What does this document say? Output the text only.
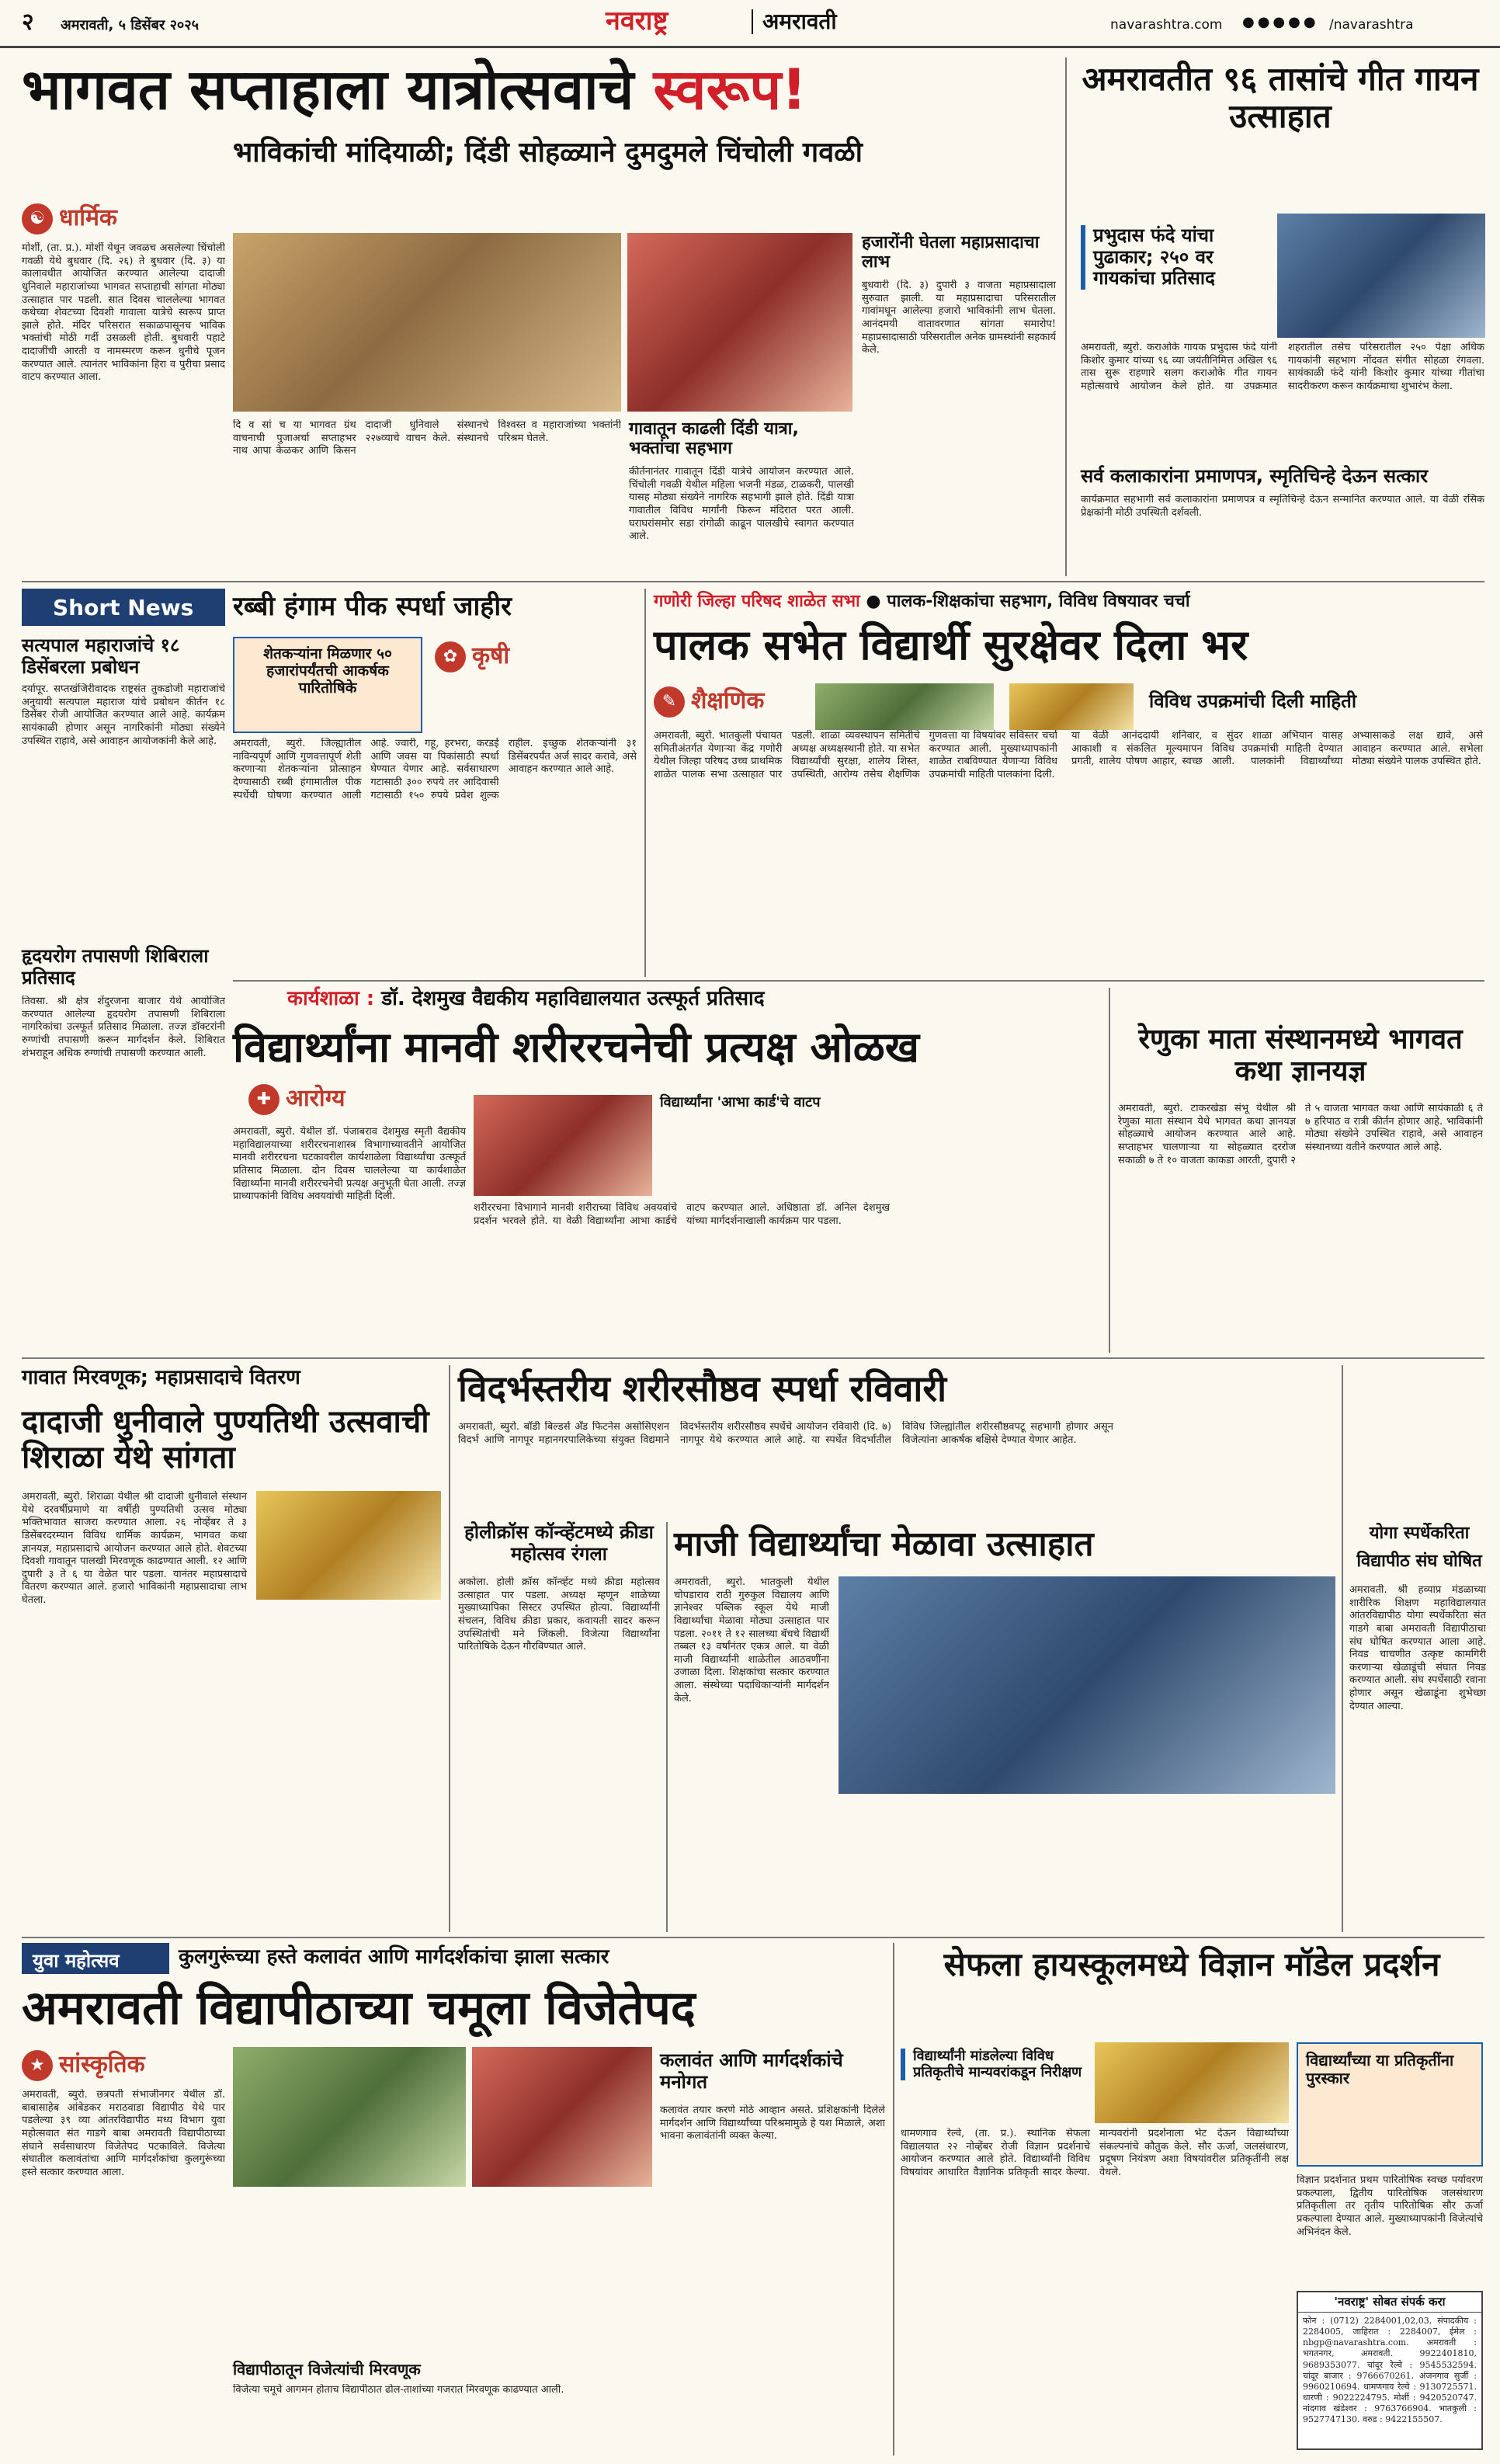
२ अमरावती, ५ डिसेंबर २०२५	नवराष्ट्र	अमरावती	navarashtra.com ●●●●● /navarashtra
भागवत सप्ताहाला यात्रोत्सवाचे स्वरूप!
भाविकांची मांदियाळी; दिंडी सोहळ्याने दुमदुमले चिंचोली गवळी
☯ धार्मिक
मोर्शी, (ता. प्र.). मोर्शी येथून जवळच असलेल्या चिंचोली गवळी येथे बुधवार (दि. २६) ते बुधवार (दि. ३) या कालावधीत आयोजित करण्यात आलेल्या दादाजी धुनिवाले महाराजांच्या भागवत सप्ताहाची सांगता मोठ्या उत्साहात पार पडली. सात दिवस चाललेल्या भागवत कथेच्या शेवटच्या दिवशी गावाला यात्रेचे स्वरूप प्राप्त झाले होते. मंदिर परिसरात सकाळपासूनच भाविक भक्तांची मोठी गर्दी उसळली होती. बुधवारी पहाटे दादाजींची आरती व नामस्मरण करून धुनीचे पूजन करण्यात आले. त्यानंतर भाविकांना हिरा व पुरीचा प्रसाद वाटप करण्यात आला.
दि व सां च या भागवत ग्रंथ वाचनाची पुजाअर्चा सप्ताहभर नाथ आपा केळकर आणि किसन दादाजी धुनिवाले संस्थानचे २२७व्याचे वाचन केले. संस्थानचे विश्वस्त व महाराजांच्या भक्तांनी परिश्रम घेतले.	गावातून काढली दिंडी यात्रा, भक्तांचा सहभाग
कीर्तनानंतर गावातून दिंडी यात्रेचे आयोजन करण्यात आले. चिंचोली गवळी येथील महिला भजनी मंडळ, टाळकरी, पालखी यासह मोठ्या संख्येने नागरिक सहभागी झाले होते. दिंडी यात्रा गावातील विविध मार्गांनी फिरून मंदिरात परत आली. घराघरांसमोर सडा रांगोळी काढून पालखीचे स्वागत करण्यात आले.
हजारोंनी घेतला महाप्रसादाचा लाभ
बुधवारी (दि. ३) दुपारी ३ वाजता महाप्रसादाला सुरुवात झाली. या महाप्रसादाचा परिसरातील गावांमधून आलेल्या हजारो भाविकांनी लाभ घेतला. आनंदमयी वातावरणात सांगता समारोप! महाप्रसादासाठी परिसरातील अनेक ग्रामस्थांनी सहकार्य केले.
अमरावतीत ९६ तासांचे गीत गायन उत्साहात
प्रभुदास फंदे यांचा पुढाकार; २५० वर गायकांचा प्रतिसाद
अमरावती, ब्युरो. कराओके गायक प्रभुदास फंदे यांनी किशोर कुमार यांच्या ९६ व्या जयंतीनिमित्त अखिल ९६ तास सुरू राहणारे सलग कराओके गीत गायन महोत्सवाचे आयोजन केले होते. या उपक्रमात शहरातील तसेच परिसरातील २५० पेक्षा अधिक गायकांनी सहभाग नोंदवत संगीत सोहळा रंगवला. सायंकाळी फंदे यांनी किशोर कुमार यांच्या गीतांचा सादरीकरण करून कार्यक्रमाचा शुभारंभ केला.
सर्व कलाकारांना प्रमाणपत्र, स्मृतिचिन्हे देऊन सत्कार
कार्यक्रमात सहभागी सर्व कलाकारांना प्रमाणपत्र व स्मृतिचिन्हे देऊन सन्मानित करण्यात आले. या वेळी रसिक प्रेक्षकांनी मोठी उपस्थिती दर्शवली.
Short News
सत्यपाल महाराजांचे १८ डिसेंबरला प्रबोधन
दर्यापूर. सप्तखंजिरीवादक राष्ट्रसंत तुकडोजी महाराजांचे अनुयायी सत्यपाल महाराज यांचे प्रबोधन कीर्तन १८ डिसेंबर रोजी आयोजित करण्यात आले आहे. कार्यक्रम सायंकाळी होणार असून नागरिकांनी मोठ्या संख्येने उपस्थित राहावे, असे आवाहन आयोजकांनी केले आहे.
हृदयरोग तपासणी शिबिराला प्रतिसाद
तिवसा. श्री क्षेत्र शेंदुरजना बाजार येथे आयोजित करण्यात आलेल्या हृदयरोग तपासणी शिबिराला नागरिकांचा उत्स्फूर्त प्रतिसाद मिळाला. तज्ज्ञ डॉक्टरांनी रुग्णांची तपासणी करून मार्गदर्शन केले. शिबिरात शंभराहून अधिक रुग्णांची तपासणी करण्यात आली.
रब्बी हंगाम पीक स्पर्धा जाहीर
शेतकऱ्यांना मिळणार ५० हजारांपर्यंतची आकर्षक पारितोषिके
✿ कृषी
अमरावती, ब्युरो. जिल्ह्यातील नाविन्यपूर्ण आणि गुणवत्तापूर्ण शेती करणाऱ्या शेतकऱ्यांना प्रोत्साहन देण्यासाठी रब्बी हंगामातील पीक स्पर्धेची घोषणा करण्यात आली आहे. ज्वारी, गहू, हरभरा, करडई आणि जवस या पिकांसाठी स्पर्धा घेण्यात येणार आहे. सर्वसाधारण गटासाठी ३०० रुपये तर आदिवासी गटासाठी १५० रुपये प्रवेश शुल्क राहील. इच्छुक शेतकऱ्यांनी ३१ डिसेंबरपर्यंत अर्ज सादर करावे, असे आवाहन करण्यात आले आहे.
गणोरी जिल्हा परिषद शाळेत सभा ● पालक-शिक्षकांचा सहभाग, विविध विषयावर चर्चा
पालक सभेत विद्यार्थी सुरक्षेवर दिला भर
✎ शैक्षणिक
अमरावती, ब्युरो. भातकुली पंचायत समितीअंतर्गत येणाऱ्या केंद्र गणोरी येथील जिल्हा परिषद उच्च प्राथमिक शाळेत पालक सभा उत्साहात पार पडली. शाळा व्यवस्थापन समितीचे अध्यक्ष अध्यक्षस्थानी होते. या सभेत विद्यार्थ्यांची सुरक्षा, शालेय शिस्त, उपस्थिती, आरोग्य तसेच शैक्षणिक गुणवत्ता या विषयांवर सविस्तर चर्चा करण्यात आली. मुख्याध्यापकांनी शाळेत राबविण्यात येणाऱ्या विविध उपक्रमांची माहिती पालकांना दिली.
विविध उपक्रमांची दिली माहिती
या वेळी आनंददायी शनिवार, आकाशी व संकलित मूल्यमापन प्रगती, शालेय पोषण आहार, स्वच्छ व सुंदर शाळा अभियान यासह विविध उपक्रमांची माहिती देण्यात आली. पालकांनी विद्यार्थ्यांच्या अभ्यासाकडे लक्ष द्यावे, असे आवाहन करण्यात आले. सभेला मोठ्या संख्येने पालक उपस्थित होते.
कार्यशाळा : डॉ. देशमुख वैद्यकीय महाविद्यालयात उत्स्फूर्त प्रतिसाद
विद्यार्थ्यांना मानवी शरीररचनेची प्रत्यक्ष ओळख
✚ आरोग्य
अमरावती, ब्युरो. येथील डॉ. पंजाबराव देशमुख स्मृती वैद्यकीय महाविद्यालयाच्या शरीररचनाशास्त्र विभागाच्यावतीने आयोजित मानवी शरीररचना घटकावरील कार्यशाळेला विद्यार्थ्यांचा उत्स्फूर्त प्रतिसाद मिळाला. दोन दिवस चाललेल्या या कार्यशाळेत विद्यार्थ्यांना मानवी शरीररचनेची प्रत्यक्ष अनुभूती घेता आली. तज्ज्ञ प्राध्यापकांनी विविध अवयवांची माहिती दिली.
विद्यार्थ्यांना 'आभा कार्ड'चे वाटप
शरीररचना विभागाने मानवी शरीराच्या विविध अवयवांचे प्रदर्शन भरवले होते. या वेळी विद्यार्थ्यांना आभा कार्डचे वाटप करण्यात आले. अधिष्ठाता डॉ. अनिल देशमुख यांच्या मार्गदर्शनाखाली कार्यक्रम पार पडला.
रेणुका माता संस्थानमध्ये भागवत कथा ज्ञानयज्ञ
अमरावती, ब्युरो. टाकरखेडा संभू येथील श्री रेणुका माता संस्थान येथे भागवत कथा ज्ञानयज्ञ सोहळ्याचे आयोजन करण्यात आले आहे. सप्ताहभर चालणाऱ्या या सोहळ्यात दररोज सकाळी ७ ते १० वाजता काकडा आरती, दुपारी २ ते ५ वाजता भागवत कथा आणि सायंकाळी ६ ते ७ हरिपाठ व रात्री कीर्तन होणार आहे. भाविकांनी मोठ्या संख्येने उपस्थित राहावे, असे आवाहन संस्थानच्या वतीने करण्यात आले आहे.
गावात मिरवणूक; महाप्रसादाचे वितरण
दादाजी धुनीवाले पुण्यतिथी उत्सवाची शिराळा येथे सांगता
अमरावती, ब्युरो. शिराळा येथील श्री दादाजी धुनीवाले संस्थान येथे दरवर्षीप्रमाणे या वर्षीही पुण्यतिथी उत्सव मोठ्या भक्तिभावात साजरा करण्यात आला. २६ नोव्हेंबर ते ३ डिसेंबरदरम्यान विविध धार्मिक कार्यक्रम, भागवत कथा ज्ञानयज्ञ, महाप्रसादाचे आयोजन करण्यात आले होते. शेवटच्या दिवशी गावातून पालखी मिरवणूक काढण्यात आली. १२ आणि दुपारी ३ ते ६ या वेळेत पार पडला. यानंतर महाप्रसादाचे वितरण करण्यात आले. हजारो भाविकांनी महाप्रसादाचा लाभ घेतला.
विदर्भस्तरीय शरीरसौष्ठव स्पर्धा रविवारी
अमरावती, ब्युरो. बॉडी बिल्डर्स अँड फिटनेस असोसिएशन विदर्भ आणि नागपूर महानगरपालिकेच्या संयुक्त विद्यमाने विदर्भस्तरीय शरीरसौष्ठव स्पर्धेचे आयोजन रविवारी (दि. ७) नागपूर येथे करण्यात आले आहे. या स्पर्धेत विदर्भातील विविध जिल्ह्यांतील शरीरसौष्ठवपटू सहभागी होणार असून विजेत्यांना आकर्षक बक्षिसे देण्यात येणार आहेत.
होलीक्रॉस कॉन्व्हेंटमध्ये क्रीडा महोत्सव रंगला
अकोला. होली क्रॉस कॉन्व्हेंट मध्ये क्रीडा महोत्सव उत्साहात पार पडला. अध्यक्ष म्हणून शाळेच्या मुख्याध्यापिका सिस्टर उपस्थित होत्या. विद्यार्थ्यांनी संचलन, विविध क्रीडा प्रकार, कवायती सादर करून उपस्थितांची मने जिंकली. विजेत्या विद्यार्थ्यांना पारितोषिके देऊन गौरविण्यात आले.
माजी विद्यार्थ्यांचा मेळावा उत्साहात
अमरावती, ब्युरो. भातकुली येथील चोपडाराव राठी गुरुकुल विद्यालय आणि ज्ञानेश्वर पब्लिक स्कूल येथे माजी विद्यार्थ्यांचा मेळावा मोठ्या उत्साहात पार पडला. २०११ ते १२ सालच्या बॅचचे विद्यार्थी तब्बल १३ वर्षांनंतर एकत्र आले. या वेळी माजी विद्यार्थ्यांनी शाळेतील आठवणींना उजाळा दिला. शिक्षकांचा सत्कार करण्यात आला. संस्थेच्या पदाधिकाऱ्यांनी मार्गदर्शन केले.
योगा स्पर्धेकरिता
विद्यापीठ संघ घोषित
अमरावती. श्री हव्याप्र मंडळाच्या शारीरिक शिक्षण महाविद्यालयात आंतरविद्यापीठ योगा स्पर्धेकरिता संत गाडगे बाबा अमरावती विद्यापीठाचा संघ घोषित करण्यात आला आहे. निवड चाचणीत उत्कृष्ट कामगिरी करणाऱ्या खेळाडूंची संघात निवड करण्यात आली. संघ स्पर्धेसाठी रवाना होणार असून खेळाडूंना शुभेच्छा देण्यात आल्या.
युवा महोत्सव	कुलगुरूंच्या हस्ते कलावंत आणि मार्गदर्शकांचा झाला सत्कार
अमरावती विद्यापीठाच्या चमूला विजेतेपद
★ सांस्कृतिक
अमरावती, ब्युरो. छत्रपती संभाजीनगर येथील डॉ. बाबासाहेब आंबेडकर मराठवाडा विद्यापीठ येथे पार पडलेल्या ३९ व्या आंतरविद्यापीठ मध्य विभाग युवा महोत्सवात संत गाडगे बाबा अमरावती विद्यापीठाच्या संघाने सर्वसाधारण विजेतेपद पटकाविले. विजेत्या संघातील कलावंतांचा आणि मार्गदर्शकांचा कुलगुरूंच्या हस्ते सत्कार करण्यात आला.
कलावंत आणि मार्गदर्शकांचे मनोगत
कलावंत तयार करणे मोठे आव्हान असते. प्रशिक्षकांनी दिलेले मार्गदर्शन आणि विद्यार्थ्यांच्या परिश्रमामुळे हे यश मिळाले, अशा भावना कलावंतांनी व्यक्त केल्या.
विद्यापीठातून विजेत्यांची मिरवणूक
विजेत्या चमूचे आगमन होताच विद्यापीठात ढोल-ताशांच्या गजरात मिरवणूक काढण्यात आली.
सेफला हायस्कूलमध्ये विज्ञान मॉडेल प्रदर्शन
विद्यार्थ्यांनी मांडलेल्या विविध प्रतिकृतीचे मान्यवरांकडून निरीक्षण
धामणगाव रेल्वे, (ता. प्र.). स्थानिक सेफला विद्यालयात २२ नोव्हेंबर रोजी विज्ञान प्रदर्शनाचे आयोजन करण्यात आले होते. विद्यार्थ्यांनी विविध विषयांवर आधारित वैज्ञानिक प्रतिकृती सादर केल्या. मान्यवरांनी प्रदर्शनाला भेट देऊन विद्यार्थ्यांच्या संकल्पनांचे कौतुक केले. सौर ऊर्जा, जलसंधारण, प्रदूषण नियंत्रण अशा विषयांवरील प्रतिकृतींनी लक्ष वेधले.
विद्यार्थ्यांच्या या प्रतिकृतींना पुरस्कार
विज्ञान प्रदर्शनात प्रथम पारितोषिक स्वच्छ पर्यावरण प्रकल्पाला, द्वितीय पारितोषिक जलसंधारण प्रतिकृतीला तर तृतीय पारितोषिक सौर ऊर्जा प्रकल्पाला देण्यात आले. मुख्याध्यापकांनी विजेत्यांचे अभिनंदन केले.
'नवराष्ट्र' सोबत संपर्क करा
फोन : (0712) 2284001,02,03, संपादकीय : 2284005, जाहिरात : 2284007, ईमेल : nbgp@navarashtra.com. अमरावती : भगतनगर, अमरावती. 9922401810, 9689353077. चांदूर रेल्वे : 9545532594. चांदूर बाजार : 9766670261. अंजनगाव सुर्जी : 9960210694. धामणगाव रेल्वे : 9130725571. धारणी : 9022224795. मोर्शी : 9420520747. नांदगाव खंडेश्वर : 9763766904. भातकुली : 9527747130. वरुड : 9422155507.
